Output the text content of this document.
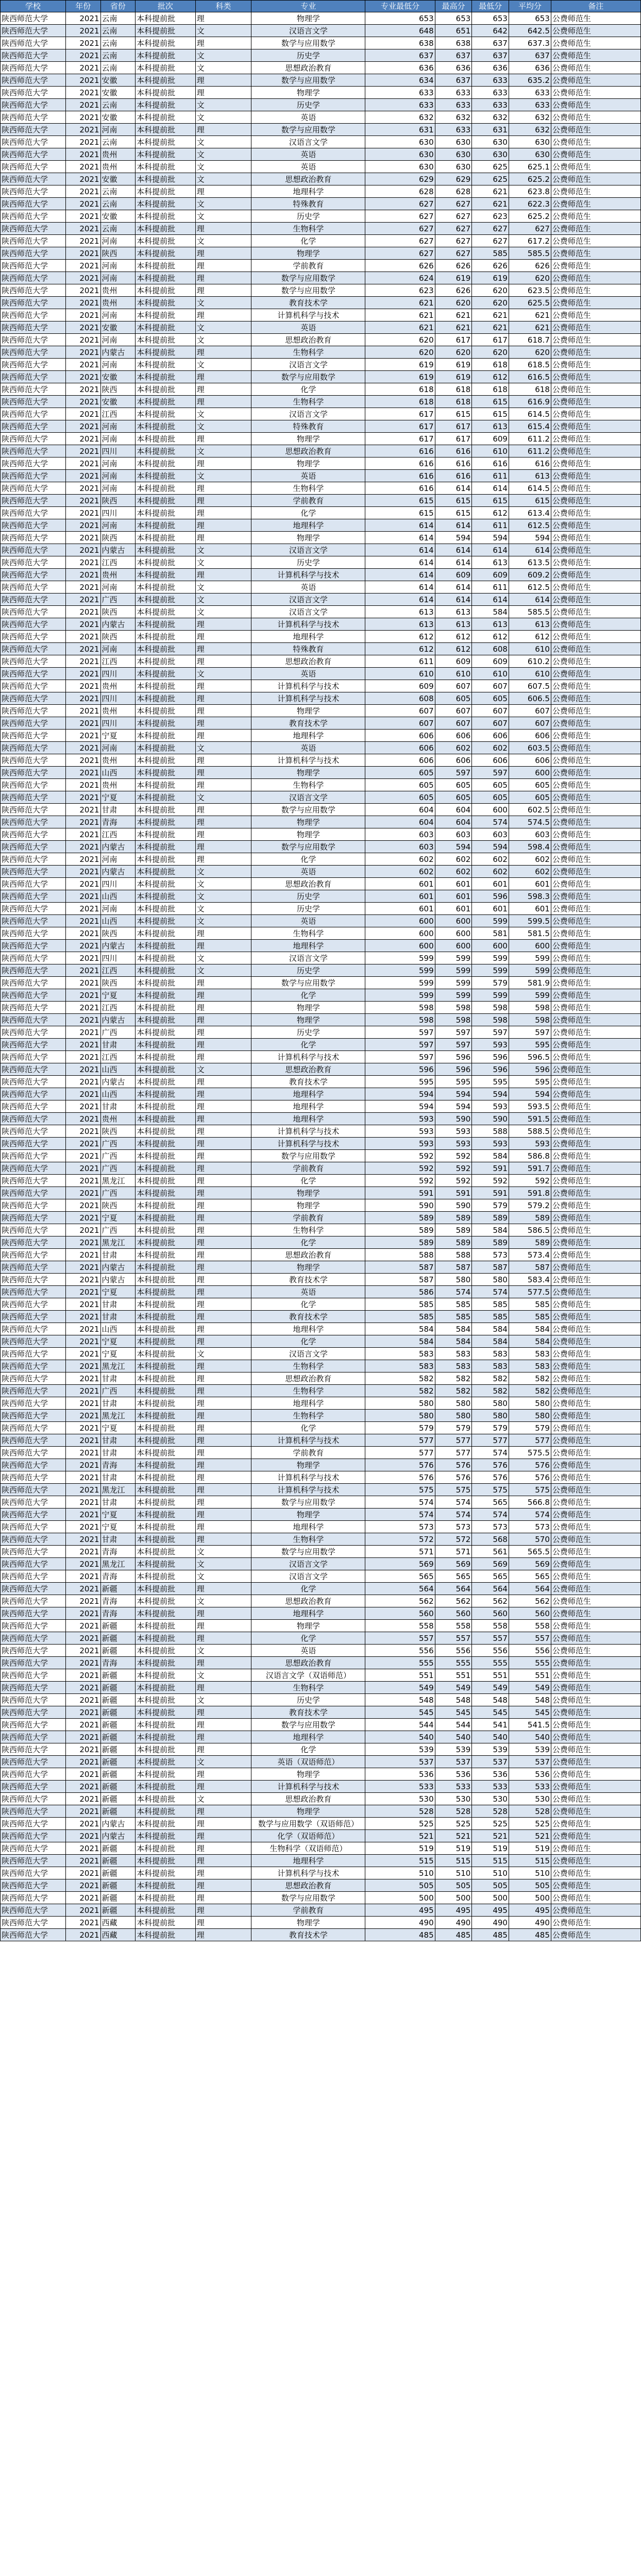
学校	年份	省份	批次	科类	专业	专业最低分	最高分	最低分	平均分	备注
陕西师范大学	2021	云南	本科提前批	理	物理学	653	653	653	653	公费师范生
陕西师范大学	2021	云南	本科提前批	文	汉语言文学	648	651	642	642.5	公费师范生
陕西师范大学	2021	云南	本科提前批	理	数学与应用数学	638	638	637	637.3	公费师范生
陕西师范大学	2021	云南	本科提前批	文	历史学	637	637	637	637	公费师范生
陕西师范大学	2021	云南	本科提前批	文	思想政治教育	636	636	636	636	公费师范生
陕西师范大学	2021	安徽	本科提前批	理	数学与应用数学	634	637	633	635.2	公费师范生
陕西师范大学	2021	安徽	本科提前批	理	物理学	633	633	633	633	公费师范生
陕西师范大学	2021	云南	本科提前批	文	历史学	633	633	633	633	公费师范生
陕西师范大学	2021	安徽	本科提前批	文	英语	632	632	632	632	公费师范生
陕西师范大学	2021	河南	本科提前批	理	数学与应用数学	631	633	631	632	公费师范生
陕西师范大学	2021	云南	本科提前批	文	汉语言文学	630	630	630	630	公费师范生
陕西师范大学	2021	贵州	本科提前批	文	英语	630	630	630	630	公费师范生
陕西师范大学	2021	贵州	本科提前批	文	英语	630	630	625	625.1	公费师范生
陕西师范大学	2021	安徽	本科提前批	文	思想政治教育	629	629	625	625.2	公费师范生
陕西师范大学	2021	云南	本科提前批	理	地理科学	628	628	621	623.8	公费师范生
陕西师范大学	2021	云南	本科提前批	文	特殊教育	627	627	621	622.3	公费师范生
陕西师范大学	2021	安徽	本科提前批	文	历史学	627	627	623	625.2	公费师范生
陕西师范大学	2021	云南	本科提前批	理	生物科学	627	627	627	627	公费师范生
陕西师范大学	2021	河南	本科提前批	文	化学	627	627	627	617.2	公费师范生
陕西师范大学	2021	陕西	本科提前批	理	物理学	627	627	585	585.5	公费师范生
陕西师范大学	2021	河南	本科提前批	理	学前教育	626	626	626	626	公费师范生
陕西师范大学	2021	河南	本科提前批	理	数学与应用数学	624	619	619	620	公费师范生
陕西师范大学	2021	贵州	本科提前批	理	数学与应用数学	623	626	620	623.5	公费师范生
陕西师范大学	2021	贵州	本科提前批	文	教育技术学	621	620	620	625.5	公费师范生
陕西师范大学	2021	河南	本科提前批	理	计算机科学与技术	621	621	621	621	公费师范生
陕西师范大学	2021	安徽	本科提前批	文	英语	621	621	621	621	公费师范生
陕西师范大学	2021	河南	本科提前批	文	思想政治教育	620	617	617	618.7	公费师范生
陕西师范大学	2021	内蒙古	本科提前批	理	生物科学	620	620	620	620	公费师范生
陕西师范大学	2021	河南	本科提前批	文	汉语言文学	619	619	618	618.5	公费师范生
陕西师范大学	2021	安徽	本科提前批	理	数学与应用数学	619	619	612	616.5	公费师范生
陕西师范大学	2021	陕西	本科提前批	理	化学	618	618	618	618	公费师范生
陕西师范大学	2021	安徽	本科提前批	理	生物科学	618	618	615	616.9	公费师范生
陕西师范大学	2021	江西	本科提前批	文	汉语言文学	617	615	615	614.5	公费师范生
陕西师范大学	2021	河南	本科提前批	文	特殊教育	617	617	613	615.4	公费师范生
陕西师范大学	2021	河南	本科提前批	理	物理学	617	617	609	611.2	公费师范生
陕西师范大学	2021	四川	本科提前批	文	思想政治教育	616	616	610	611.2	公费师范生
陕西师范大学	2021	河南	本科提前批	理	物理学	616	616	616	616	公费师范生
陕西师范大学	2021	河南	本科提前批	文	英语	616	616	611	613	公费师范生
陕西师范大学	2021	河南	本科提前批	理	生物科学	616	614	614	614.5	公费师范生
陕西师范大学	2021	陕西	本科提前批	理	学前教育	615	615	615	615	公费师范生
陕西师范大学	2021	四川	本科提前批	理	化学	615	615	612	613.4	公费师范生
陕西师范大学	2021	河南	本科提前批	理	地理科学	614	614	611	612.5	公费师范生
陕西师范大学	2021	陕西	本科提前批	理	物理学	614	594	594	594	公费师范生
陕西师范大学	2021	内蒙古	本科提前批	文	汉语言文学	614	614	614	614	公费师范生
陕西师范大学	2021	江西	本科提前批	文	历史学	614	614	613	613.5	公费师范生
陕西师范大学	2021	贵州	本科提前批	理	计算机科学与技术	614	609	609	609.2	公费师范生
陕西师范大学	2021	河南	本科提前批	文	英语	614	614	611	612.5	公费师范生
陕西师范大学	2021	广西	本科提前批	文	汉语言文学	614	614	614	614	公费师范生
陕西师范大学	2021	陕西	本科提前批	文	汉语言文学	613	613	584	585.5	公费师范生
陕西师范大学	2021	内蒙古	本科提前批	理	计算机科学与技术	613	613	613	613	公费师范生
陕西师范大学	2021	陕西	本科提前批	理	地理科学	612	612	612	612	公费师范生
陕西师范大学	2021	河南	本科提前批	理	特殊教育	612	612	608	610	公费师范生
陕西师范大学	2021	江西	本科提前批	理	思想政治教育	611	609	609	610.2	公费师范生
陕西师范大学	2021	四川	本科提前批	文	英语	610	610	610	610	公费师范生
陕西师范大学	2021	贵州	本科提前批	理	计算机科学与技术	609	607	607	607.5	公费师范生
陕西师范大学	2021	四川	本科提前批	理	计算机科学与技术	608	605	605	606.5	公费师范生
陕西师范大学	2021	贵州	本科提前批	理	物理学	607	607	607	607	公费师范生
陕西师范大学	2021	四川	本科提前批	理	教育技术学	607	607	607	607	公费师范生
陕西师范大学	2021	宁夏	本科提前批	理	地理科学	606	606	606	606	公费师范生
陕西师范大学	2021	河南	本科提前批	文	英语	606	602	602	603.5	公费师范生
陕西师范大学	2021	贵州	本科提前批	理	计算机科学与技术	606	606	606	606	公费师范生
陕西师范大学	2021	山西	本科提前批	理	物理学	605	597	597	600	公费师范生
陕西师范大学	2021	贵州	本科提前批	理	生物科学	605	605	605	605	公费师范生
陕西师范大学	2021	宁夏	本科提前批	文	汉语言文学	605	605	605	605	公费师范生
陕西师范大学	2021	甘肃	本科提前批	理	数学与应用数学	604	604	600	602.5	公费师范生
陕西师范大学	2021	青海	本科提前批	理	物理学	604	604	574	574.5	公费师范生
陕西师范大学	2021	江西	本科提前批	理	物理学	603	603	603	603	公费师范生
陕西师范大学	2021	内蒙古	本科提前批	理	数学与应用数学	603	594	594	598.4	公费师范生
陕西师范大学	2021	河南	本科提前批	理	化学	602	602	602	602	公费师范生
陕西师范大学	2021	内蒙古	本科提前批	文	英语	602	602	602	602	公费师范生
陕西师范大学	2021	四川	本科提前批	文	思想政治教育	601	601	601	601	公费师范生
陕西师范大学	2021	山西	本科提前批	文	历史学	601	601	596	598.3	公费师范生
陕西师范大学	2021	河南	本科提前批	文	历史学	601	601	601	601	公费师范生
陕西师范大学	2021	山西	本科提前批	文	英语	600	600	599	599.5	公费师范生
陕西师范大学	2021	陕西	本科提前批	理	生物科学	600	600	581	581.5	公费师范生
陕西师范大学	2021	内蒙古	本科提前批	理	地理科学	600	600	600	600	公费师范生
陕西师范大学	2021	四川	本科提前批	文	汉语言文学	599	599	599	599	公费师范生
陕西师范大学	2021	江西	本科提前批	文	历史学	599	599	599	599	公费师范生
陕西师范大学	2021	陕西	本科提前批	理	数学与应用数学	599	599	579	581.9	公费师范生
陕西师范大学	2021	宁夏	本科提前批	理	化学	599	599	599	599	公费师范生
陕西师范大学	2021	江西	本科提前批	理	物理学	598	598	598	598	公费师范生
陕西师范大学	2021	内蒙古	本科提前批	理	物理学	598	598	598	598	公费师范生
陕西师范大学	2021	广西	本科提前批	理	历史学	597	597	597	597	公费师范生
陕西师范大学	2021	甘肃	本科提前批	理	化学	597	597	593	595	公费师范生
陕西师范大学	2021	江西	本科提前批	理	计算机科学与技术	597	596	596	596.5	公费师范生
陕西师范大学	2021	山西	本科提前批	文	思想政治教育	596	596	596	596	公费师范生
陕西师范大学	2021	内蒙古	本科提前批	理	教育技术学	595	595	595	595	公费师范生
陕西师范大学	2021	山西	本科提前批	理	地理科学	594	594	594	594	公费师范生
陕西师范大学	2021	甘肃	本科提前批	理	地理科学	594	594	593	593.5	公费师范生
陕西师范大学	2021	贵州	本科提前批	理	地理科学	593	590	590	591.5	公费师范生
陕西师范大学	2021	陕西	本科提前批	理	计算机科学与技术	593	593	588	588.5	公费师范生
陕西师范大学	2021	广西	本科提前批	理	计算机科学与技术	593	593	593	593	公费师范生
陕西师范大学	2021	广西	本科提前批	理	数学与应用数学	592	592	584	586.8	公费师范生
陕西师范大学	2021	广西	本科提前批	理	学前教育	592	592	591	591.7	公费师范生
陕西师范大学	2021	黑龙江	本科提前批	理	化学	592	592	592	592	公费师范生
陕西师范大学	2021	广西	本科提前批	理	物理学	591	591	591	591.8	公费师范生
陕西师范大学	2021	陕西	本科提前批	理	物理学	590	590	579	579.2	公费师范生
陕西师范大学	2021	宁夏	本科提前批	理	学前教育	589	589	589	589	公费师范生
陕西师范大学	2021	广西	本科提前批	理	生物科学	589	589	584	586.5	公费师范生
陕西师范大学	2021	黑龙江	本科提前批	理	化学	589	589	589	589	公费师范生
陕西师范大学	2021	甘肃	本科提前批	理	思想政治教育	588	588	573	573.4	公费师范生
陕西师范大学	2021	内蒙古	本科提前批	理	物理学	587	587	587	587	公费师范生
陕西师范大学	2021	内蒙古	本科提前批	理	教育技术学	587	580	580	583.4	公费师范生
陕西师范大学	2021	宁夏	本科提前批	理	英语	586	574	574	577.5	公费师范生
陕西师范大学	2021	甘肃	本科提前批	理	化学	585	585	585	585	公费师范生
陕西师范大学	2021	甘肃	本科提前批	理	教育技术学	585	585	585	585	公费师范生
陕西师范大学	2021	山西	本科提前批	理	地理科学	584	584	584	584	公费师范生
陕西师范大学	2021	宁夏	本科提前批	理	化学	584	584	584	584	公费师范生
陕西师范大学	2021	宁夏	本科提前批	文	汉语言文学	583	583	583	583	公费师范生
陕西师范大学	2021	黑龙江	本科提前批	理	生物科学	583	583	583	583	公费师范生
陕西师范大学	2021	甘肃	本科提前批	理	思想政治教育	582	582	582	582	公费师范生
陕西师范大学	2021	广西	本科提前批	理	生物科学	582	582	582	582	公费师范生
陕西师范大学	2021	甘肃	本科提前批	理	地理科学	580	580	580	580	公费师范生
陕西师范大学	2021	黑龙江	本科提前批	理	生物科学	580	580	580	580	公费师范生
陕西师范大学	2021	宁夏	本科提前批	理	化学	579	579	579	579	公费师范生
陕西师范大学	2021	甘肃	本科提前批	理	计算机科学与技术	577	577	577	577	公费师范生
陕西师范大学	2021	甘肃	本科提前批	理	学前教育	577	577	574	575.5	公费师范生
陕西师范大学	2021	青海	本科提前批	理	物理学	576	576	576	576	公费师范生
陕西师范大学	2021	甘肃	本科提前批	理	计算机科学与技术	576	576	576	576	公费师范生
陕西师范大学	2021	黑龙江	本科提前批	理	计算机科学与技术	575	575	575	575	公费师范生
陕西师范大学	2021	甘肃	本科提前批	理	数学与应用数学	574	574	565	566.8	公费师范生
陕西师范大学	2021	宁夏	本科提前批	理	物理学	574	574	574	574	公费师范生
陕西师范大学	2021	宁夏	本科提前批	理	地理科学	573	573	573	573	公费师范生
陕西师范大学	2021	甘肃	本科提前批	理	生物科学	572	572	568	570	公费师范生
陕西师范大学	2021	青海	本科提前批	文	数学与应用数学	571	571	561	565.5	公费师范生
陕西师范大学	2021	黑龙江	本科提前批	文	汉语言文学	569	569	569	569	公费师范生
陕西师范大学	2021	青海	本科提前批	文	汉语言文学	565	565	565	565	公费师范生
陕西师范大学	2021	新疆	本科提前批	理	化学	564	564	564	564	公费师范生
陕西师范大学	2021	青海	本科提前批	文	思想政治教育	562	562	562	562	公费师范生
陕西师范大学	2021	青海	本科提前批	理	地理科学	560	560	560	560	公费师范生
陕西师范大学	2021	新疆	本科提前批	理	物理学	558	558	558	558	公费师范生
陕西师范大学	2021	新疆	本科提前批	理	化学	557	557	557	557	公费师范生
陕西师范大学	2021	新疆	本科提前批	文	英语	556	556	556	556	公费师范生
陕西师范大学	2021	青海	本科提前批	理	思想政治教育	555	555	555	555	公费师范生
陕西师范大学	2021	新疆	本科提前批	文	汉语言文学（双语师范）	551	551	551	551	公费师范生
陕西师范大学	2021	新疆	本科提前批	理	生物科学	549	549	549	549	公费师范生
陕西师范大学	2021	新疆	本科提前批	文	历史学	548	548	548	548	公费师范生
陕西师范大学	2021	新疆	本科提前批	理	教育技术学	545	545	545	545	公费师范生
陕西师范大学	2021	新疆	本科提前批	理	数学与应用数学	544	544	541	541.5	公费师范生
陕西师范大学	2021	新疆	本科提前批	理	地理科学	540	540	540	540	公费师范生
陕西师范大学	2021	新疆	本科提前批	理	化学	539	539	539	539	公费师范生
陕西师范大学	2021	新疆	本科提前批	文	英语（双语师范）	537	537	537	537	公费师范生
陕西师范大学	2021	新疆	本科提前批	理	物理学	536	536	536	536	公费师范生
陕西师范大学	2021	新疆	本科提前批	理	计算机科学与技术	533	533	533	533	公费师范生
陕西师范大学	2021	新疆	本科提前批	文	思想政治教育	530	530	530	530	公费师范生
陕西师范大学	2021	新疆	本科提前批	理	物理学	528	528	528	528	公费师范生
陕西师范大学	2021	内蒙古	本科提前批	理	数学与应用数学（双语师范）	525	525	525	525	公费师范生
陕西师范大学	2021	内蒙古	本科提前批	理	化学（双语师范）	521	521	521	521	公费师范生
陕西师范大学	2021	新疆	本科提前批	理	生物科学（双语师范）	519	519	519	519	公费师范生
陕西师范大学	2021	新疆	本科提前批	理	地理科学	515	515	515	515	公费师范生
陕西师范大学	2021	新疆	本科提前批	理	计算机科学与技术	510	510	510	510	公费师范生
陕西师范大学	2021	新疆	本科提前批	理	思想政治教育	505	505	505	505	公费师范生
陕西师范大学	2021	新疆	本科提前批	理	数学与应用数学	500	500	500	500	公费师范生
陕西师范大学	2021	新疆	本科提前批	理	学前教育	495	495	495	495	公费师范生
陕西师范大学	2021	西藏	本科提前批	理	物理学	490	490	490	490	公费师范生
陕西师范大学	2021	西藏	本科提前批	理	教育技术学	485	485	485	485	公费师范生
